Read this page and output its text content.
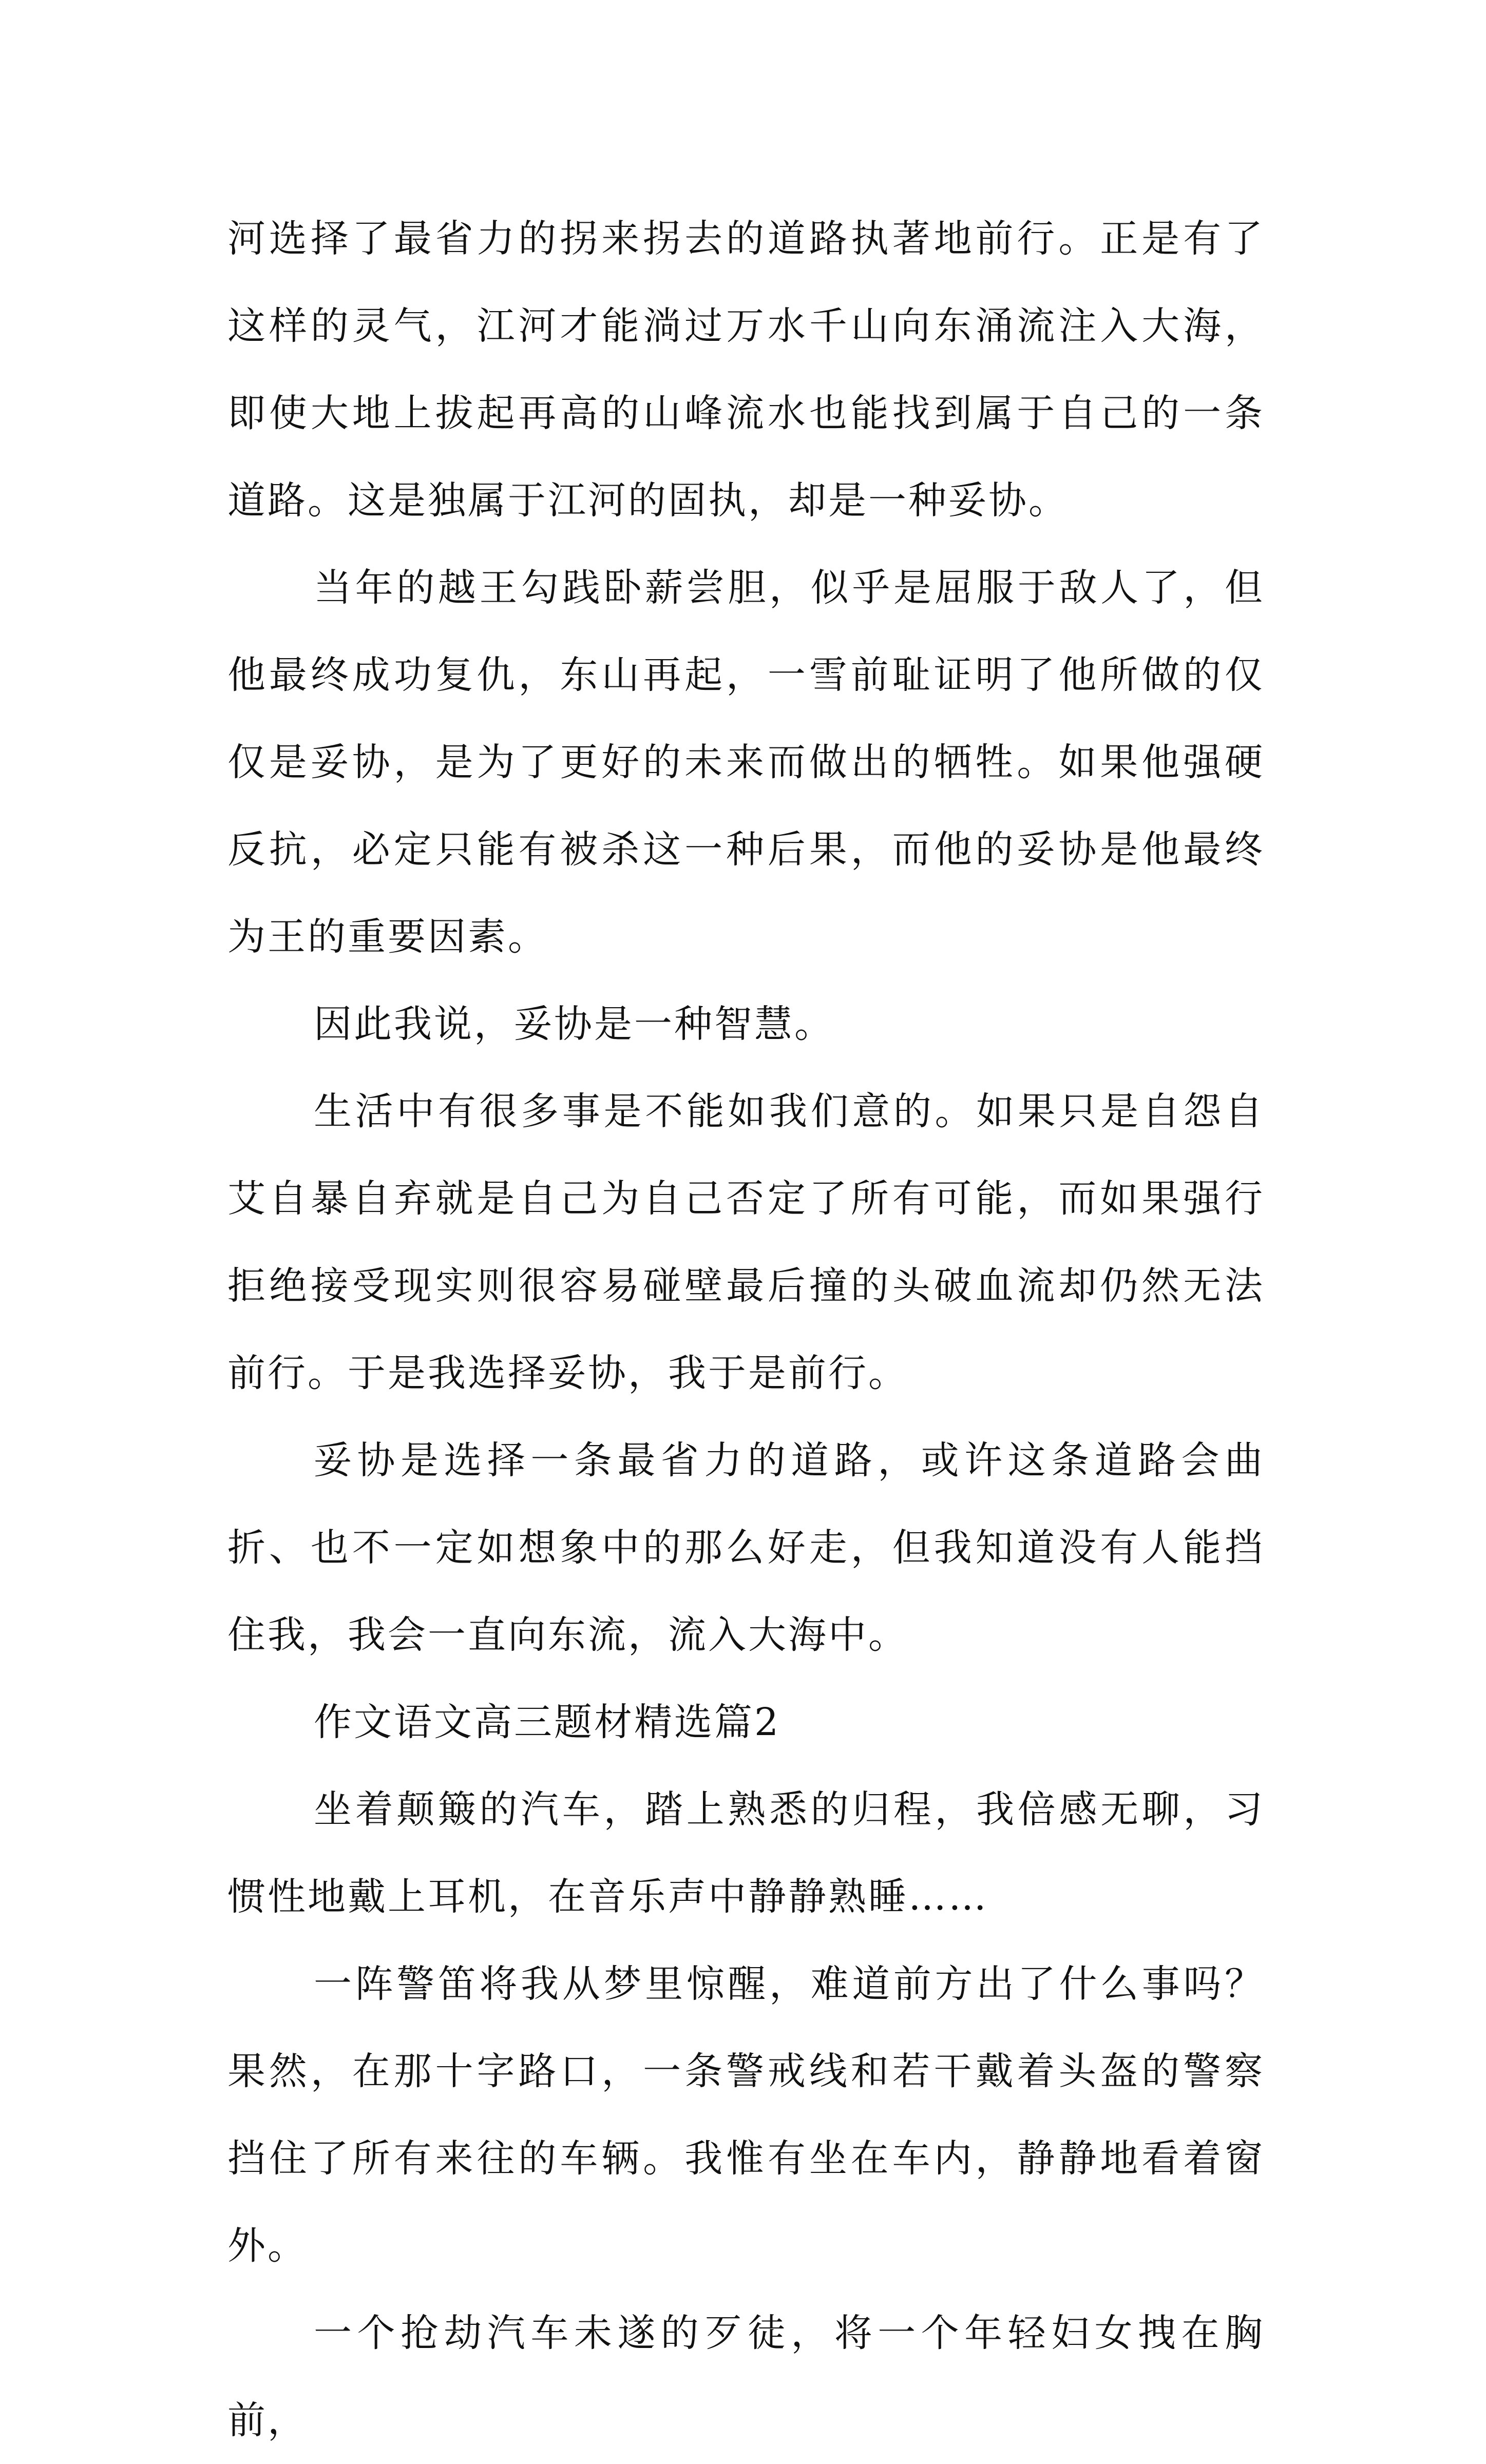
河选择了最省力的拐来拐去的道路执著地前行。正是有了这样的灵气，江河才能淌过万水千山向东涌流注入大海，即使大地上拔起再高的山峰流水也能找到属于自己的一条道路。这是独属于江河的固执，却是一种妥协。

当年的越王勾践卧薪尝胆，似乎是屈服于敌人了，但他最终成功复仇，东山再起，一雪前耻证明了他所做的仅仅是妥协，是为了更好的未来而做出的牺牲。如果他强硬反抗，必定只能有被杀这一种后果，而他的妥协是他最终为王的重要因素。

因此我说，妥协是一种智慧。

生活中有很多事是不能如我们意的。如果只是自怨自艾自暴自弃就是自己为自己否定了所有可能，而如果强行拒绝接受现实则很容易碰壁最后撞的头破血流却仍然无法前行。于是我选择妥协，我于是前行。

妥协是选择一条最省力的道路，或许这条道路会曲折、也不一定如想象中的那么好走，但我知道没有人能挡住我，我会一直向东流，流入大海中。

作文语文高三题材精选篇2

坐着颠簸的汽车，踏上熟悉的归程，我倍感无聊，习惯性地戴上耳机，在音乐声中静静熟睡……

一阵警笛将我从梦里惊醒，难道前方出了什么事吗？果然，在那十字路口，一条警戒线和若干戴着头盔的警察挡住了所有来往的车辆。我惟有坐在车内，静静地看着窗外。

一个抢劫汽车未遂的歹徒，将一个年轻妇女拽在胸前，
